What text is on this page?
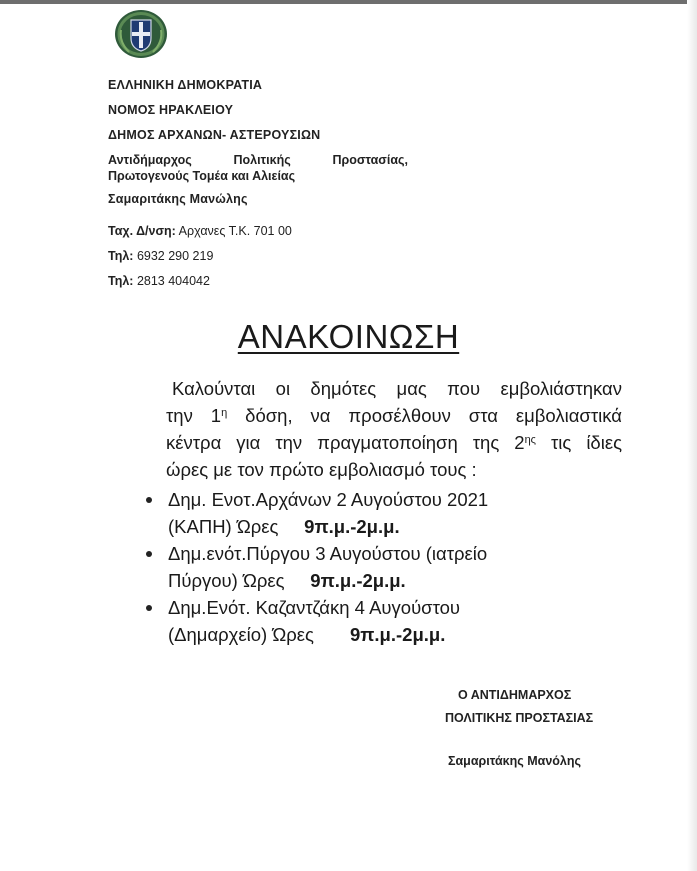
ΕΛΛΗΝΙΚΗ ΔΗΜΟΚΡΑΤΙΑ
ΝΟΜΟΣ ΗΡΑΚΛΕΙΟΥ
ΔΗΜΟΣ ΑΡΧΑΝΩΝ- ΑΣΤΕΡΟΥΣΙΩΝ
Αντιδήμαρχος Πολιτικής Προστασίας,
Πρωτογενούς Τομέα και Αλιείας
Σαμαριτάκης Μανώλης
Ταχ. Δ/νση: Αρχανες Τ.Κ. 701 00
Τηλ: 6932 290 219
Τηλ: 2813 404042
ΑΝΑΚΟΙΝΩΣΗ
Καλούνται οι δημότες μας που εμβολιάστηκαν
την $1^\eta$ δόση, να προσέλθουν στα εμβολιαστικά
κέντρα για την πραγματοποίηση της $2^{\eta\varsigma}$ τις ίδιες
ώρες με τον πρώτο εμβολιασμό τους :
Δημ. Ενοτ.Αρχάνων 2 Αυγούστου 2021
(ΚΑΠΗ) Ώρες 9π.μ.-2μ.μ.
Δημ.ενότ.Πύργου 3 Αυγούστου (ιατρείο
Πύργου) Ώρες 9π.μ.-2μ.μ.
Δημ.Ενότ. Καζαντζάκη 4 Αυγούστου
(Δημαρχείο) Ώρες 9π.μ.-2μ.μ.
Ο ΑΝΤΙΔΗΜΑΡΧΟΣ
ΠΟΛΙΤΙΚΗΣ ΠΡΟΣΤΑΣΙΑΣ
Σαμαριτάκης Μανόλης
